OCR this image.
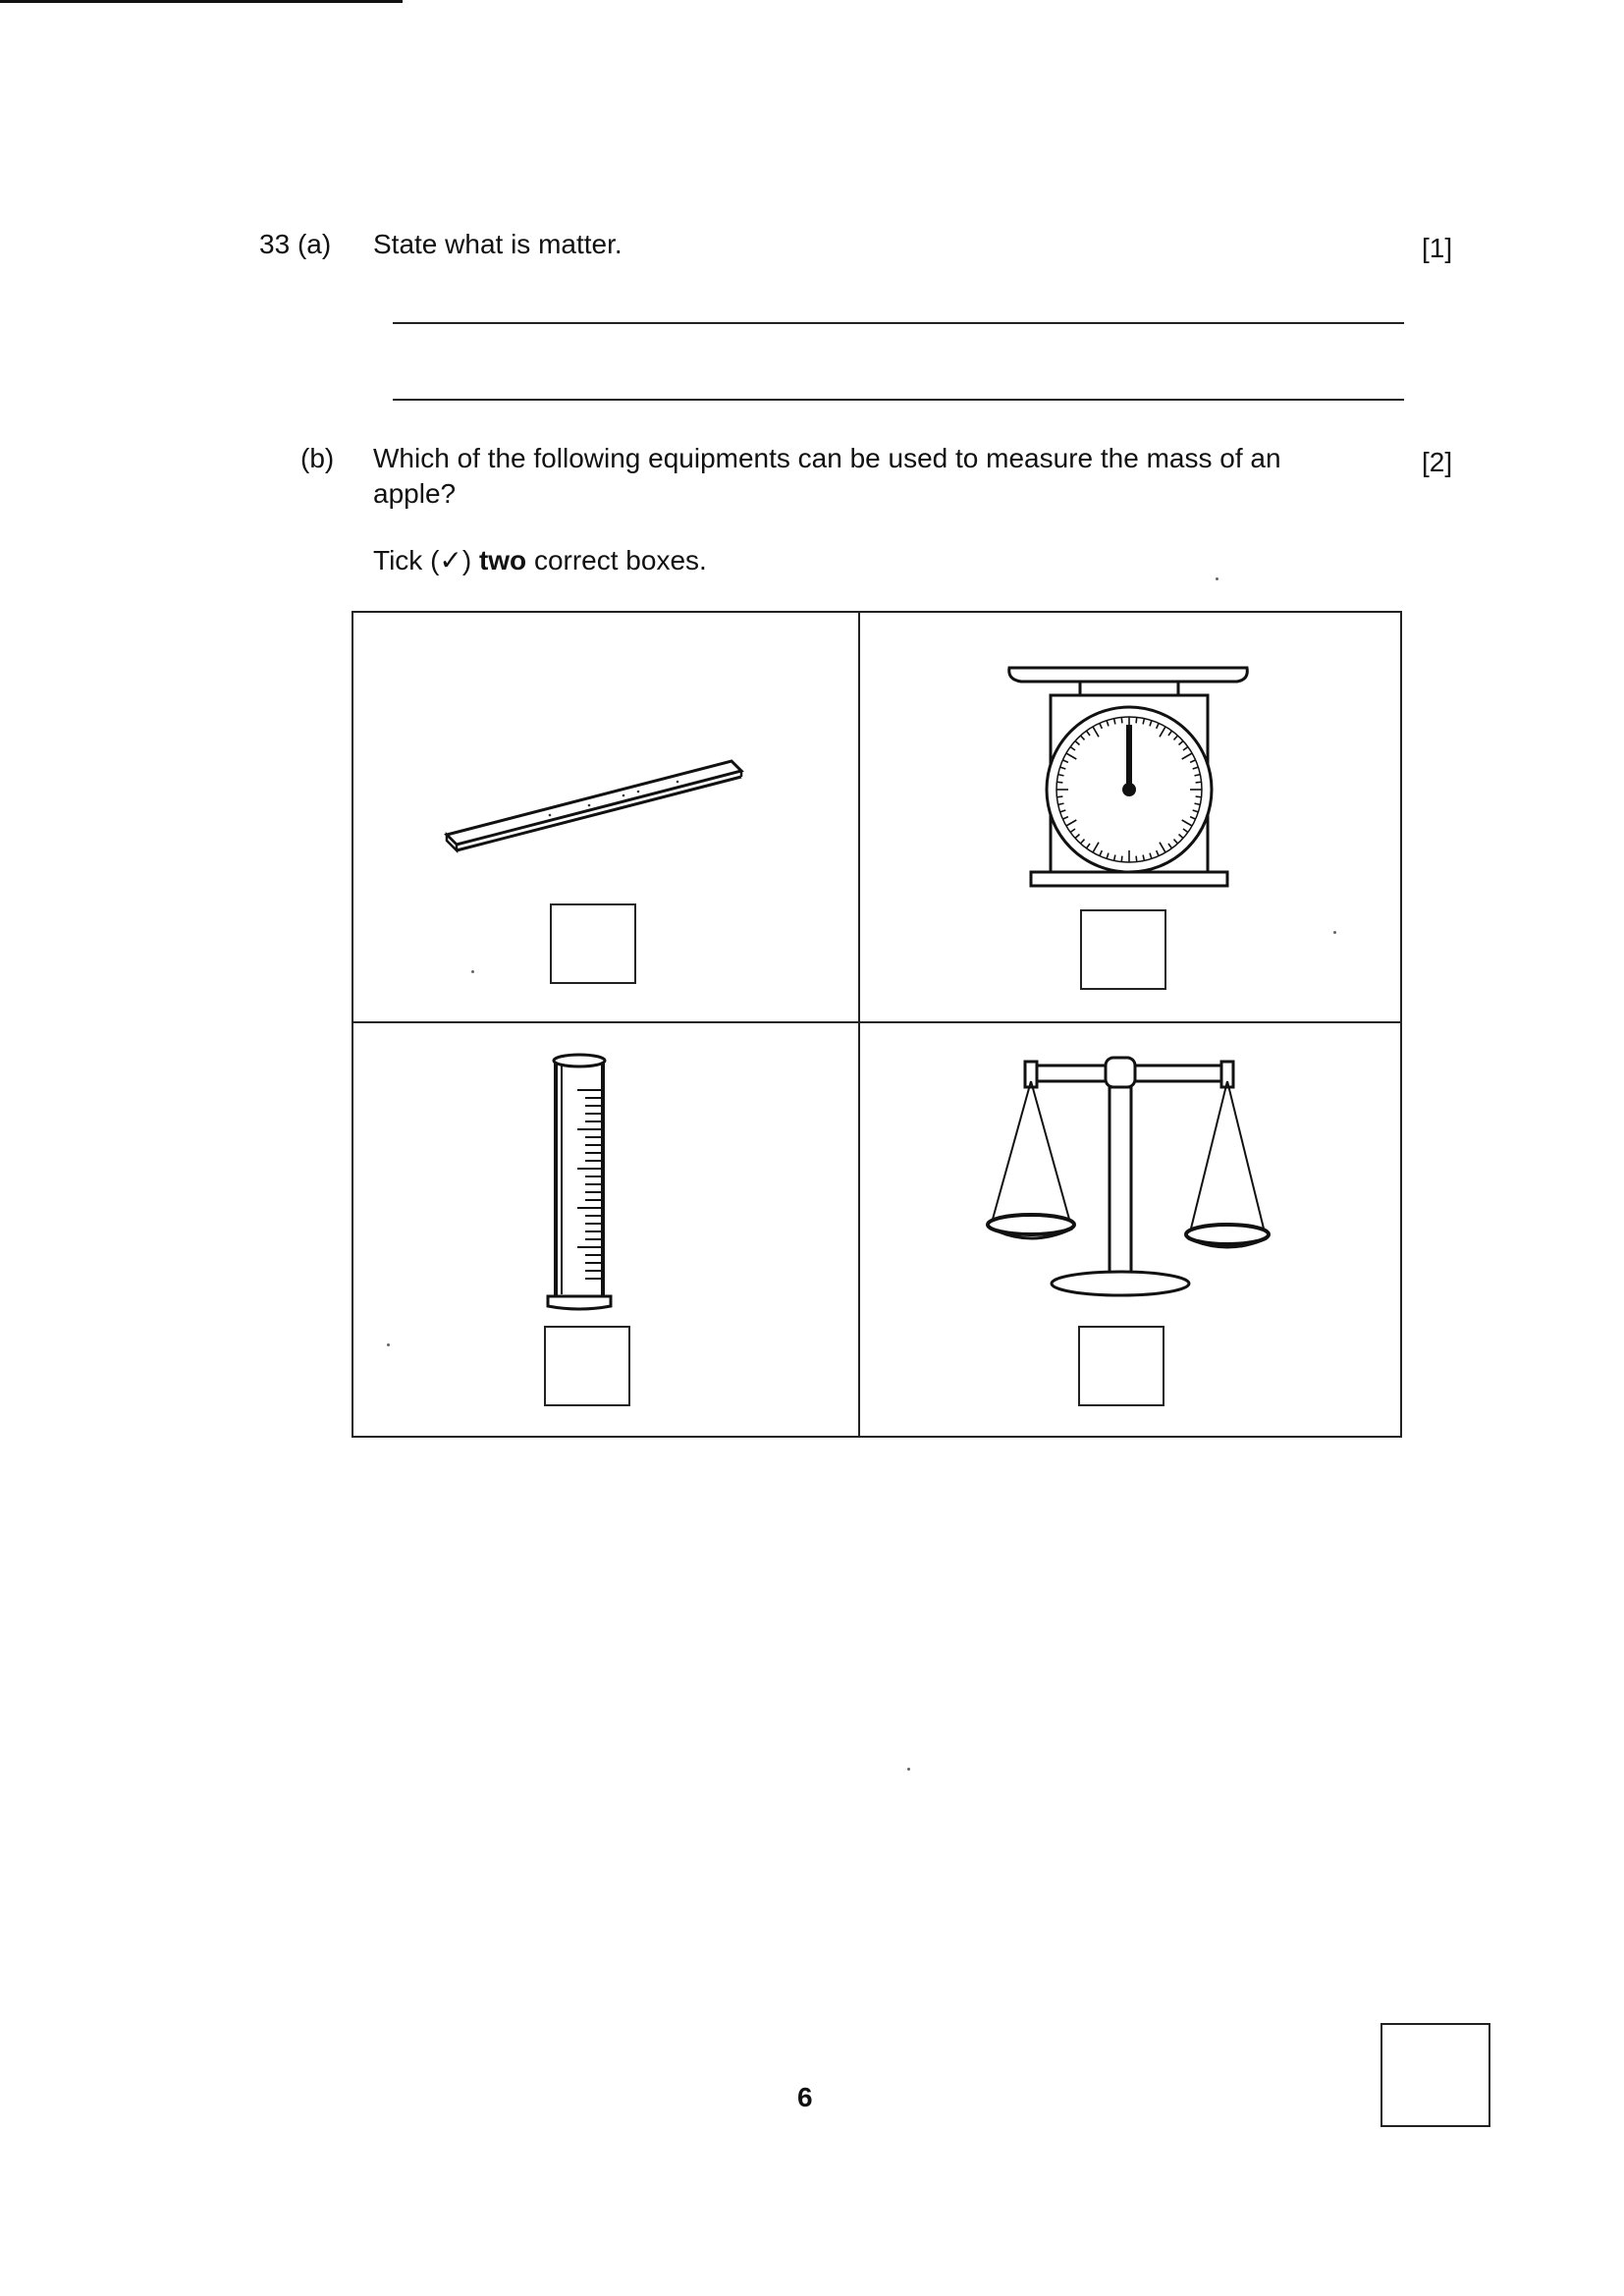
33 (a) State what is matter.	[1]
(b) Which of the following equipments can be used to measure the mass of an
apple?
[2]
Tick (✓) two correct boxes.
6
